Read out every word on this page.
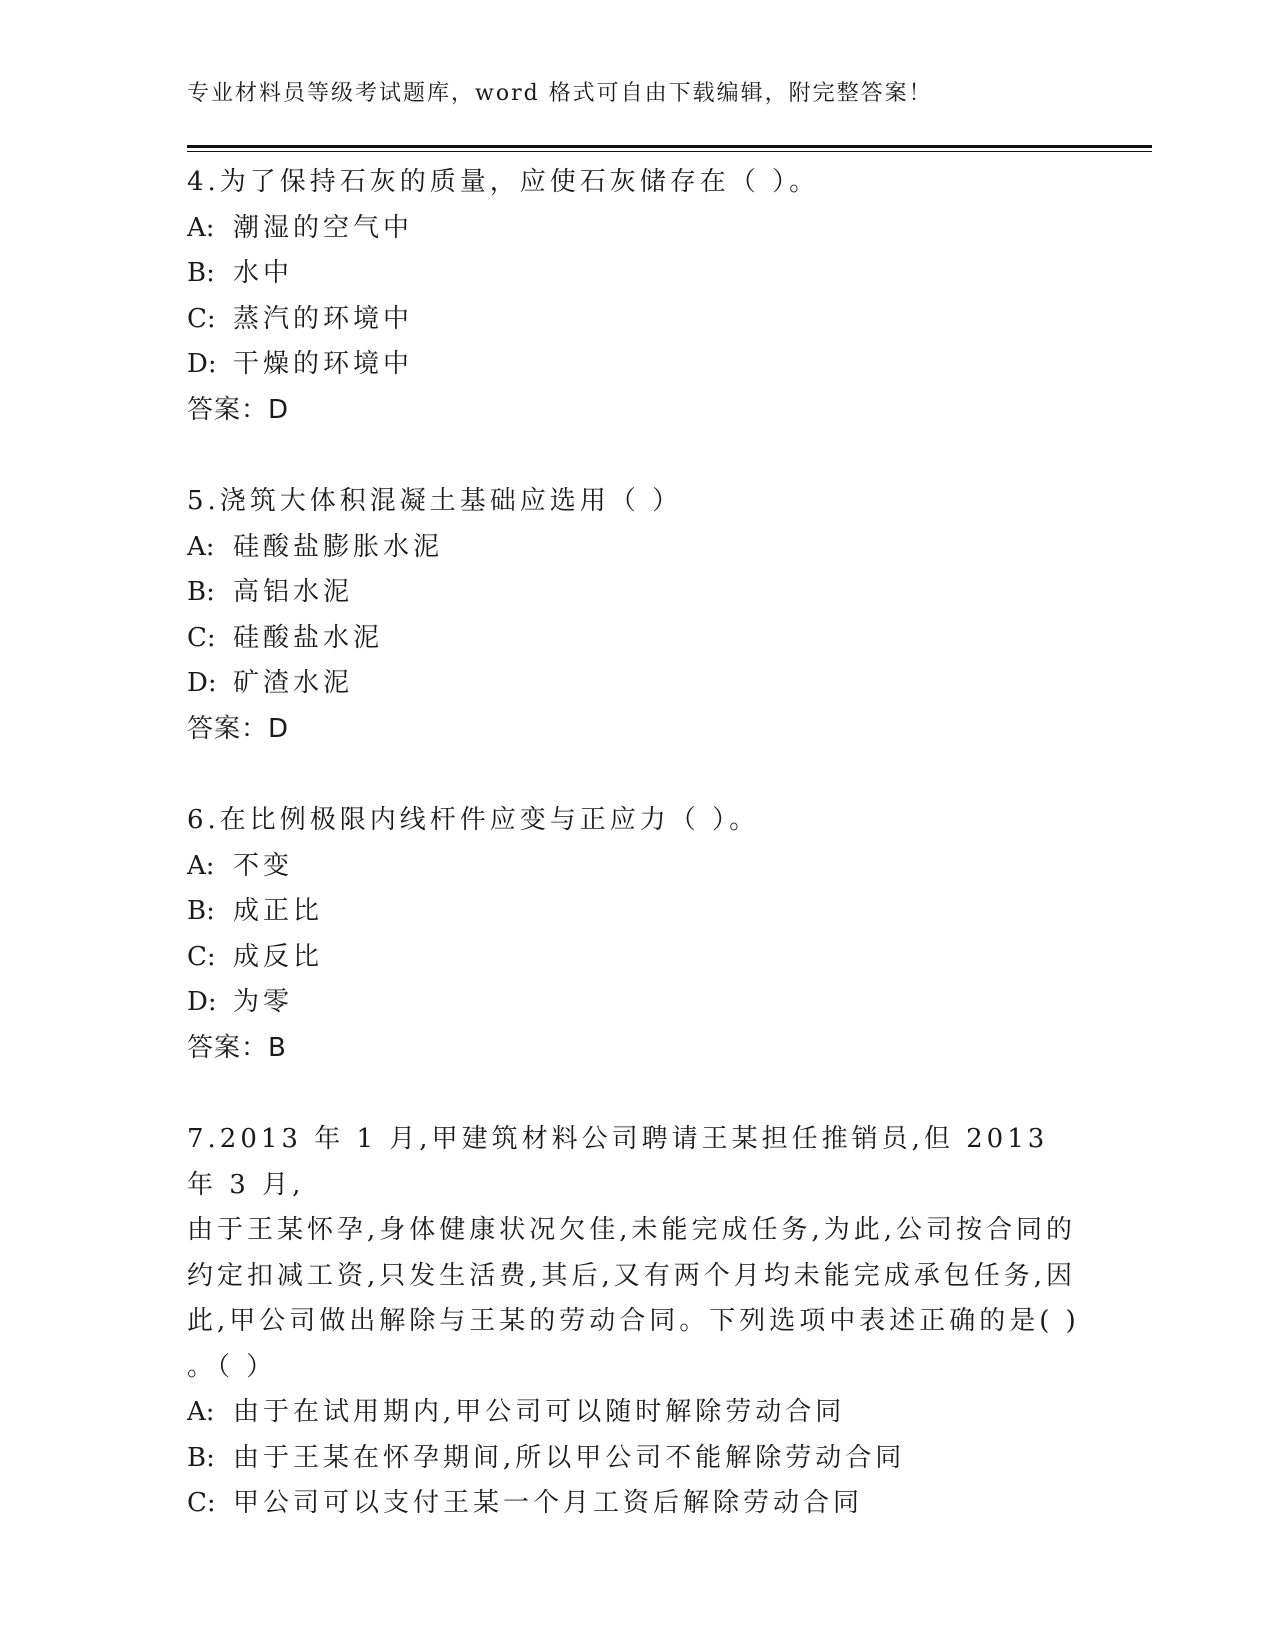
专业材料员等级考试题库，word 格式可自由下载编辑，附完整答案！
4.为了保持石灰的质量，应使石灰储存在（ ）。
A: 潮湿的空气中
B: 水中
C: 蒸汽的环境中
D: 干燥的环境中
答案：D
5.浇筑大体积混凝土基础应选用（ ）
A: 硅酸盐膨胀水泥
B: 高铝水泥
C: 硅酸盐水泥
D: 矿渣水泥
答案：D
6.在比例极限内线杆件应变与正应力（ ）。
A: 不变
B: 成正比
C: 成反比
D: 为零
答案：B
7.2013 年 1 月,甲建筑材料公司聘请王某担任推销员,但 2013 年 3 月,
由于王某怀孕,身体健康状况欠佳,未能完成任务,为此,公司按合同的
约定扣减工资,只发生活费,其后,又有两个月均未能完成承包任务,因
此,甲公司做出解除与王某的劳动合同。下列选项中表述正确的是( )
。（ ）
A: 由于在试用期内,甲公司可以随时解除劳动合同
B: 由于王某在怀孕期间,所以甲公司不能解除劳动合同
C: 甲公司可以支付王某一个月工资后解除劳动合同
